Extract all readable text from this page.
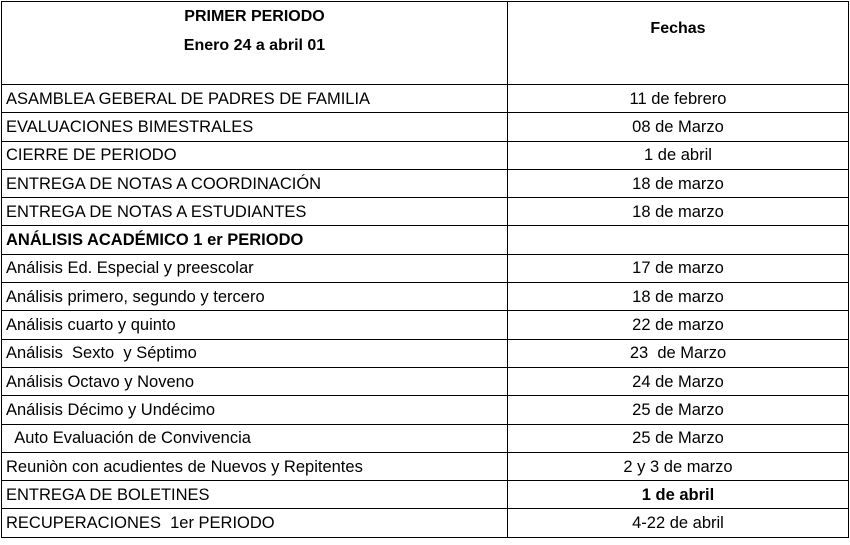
PRIMER PERIODO
Enero 24 a abril 01	Fechas

ASAMBLEA GEBERAL DE PADRES DE FAMILIA	11 de febrero
EVALUACIONES BIMESTRALES	08 de Marzo
CIERRE DE PERIODO	1 de abril
ENTREGA DE NOTAS A COORDINACIÓN	18 de marzo
ENTREGA DE NOTAS A ESTUDIANTES	18 de marzo
ANÁLISIS ACADÉMICO 1 er PERIODO	
Análisis Ed. Especial y preescolar	17 de marzo
Análisis primero, segundo y tercero	18 de marzo
Análisis cuarto y quinto	22 de marzo
Análisis  Sexto  y Séptimo	23  de Marzo
Análisis Octavo y Noveno	24 de Marzo
Análisis Décimo y Undécimo	25 de Marzo
Auto Evaluación de Convivencia	25 de Marzo
Reuniòn con acudientes de Nuevos y Repitentes	2 y 3 de marzo
ENTREGA DE BOLETINES	1 de abril
RECUPERACIONES  1er PERIODO	4-22 de abril
